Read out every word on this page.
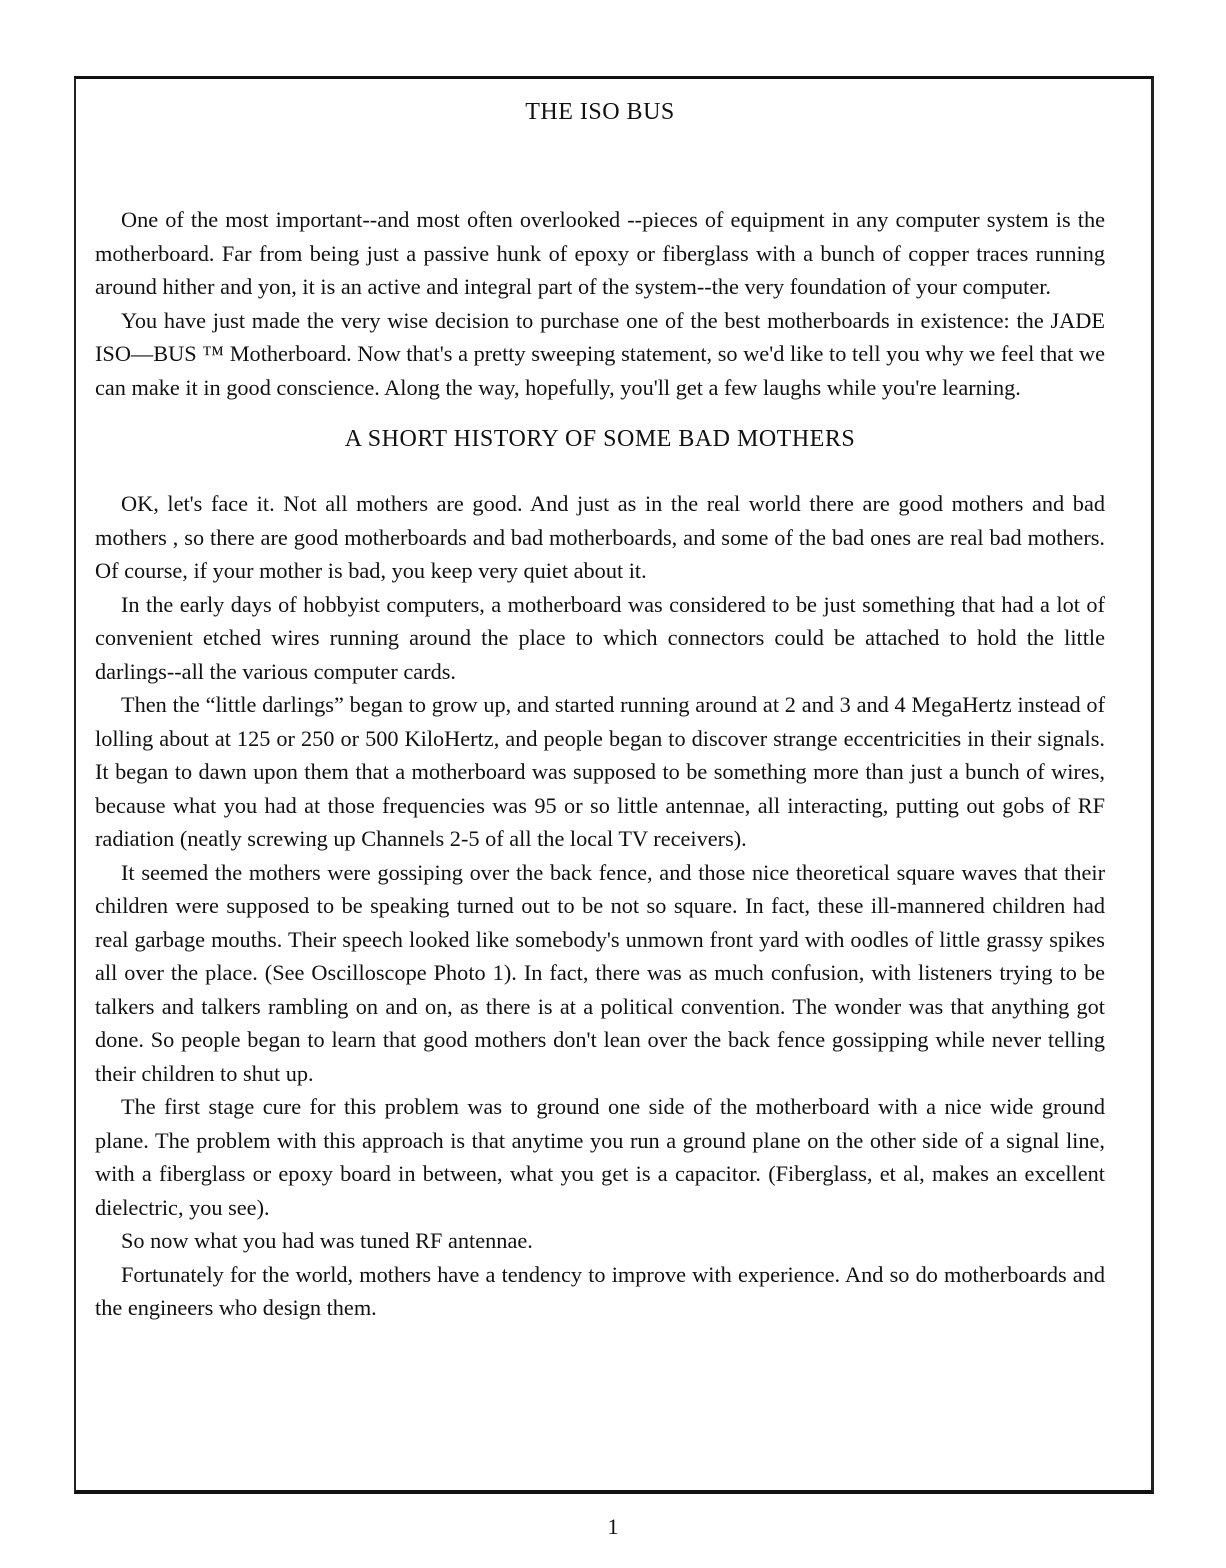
THE ISO BUS

One of the most important--and most often overlooked --pieces of equipment in any computer system is the motherboard. Far from being just a passive hunk of epoxy or fiberglass with a bunch of copper traces running around hither and yon, it is an active and integral part of the system--the very foundation of your computer.

You have just made the very wise decision to purchase one of the best motherboards in existence: the JADE ISO—BUS ™ Motherboard. Now that's a pretty sweeping statement, so we'd like to tell you why we feel that we can make it in good conscience. Along the way, hopefully, you'll get a few laughs while you're learning.

A SHORT HISTORY OF SOME BAD MOTHERS

OK, let's face it. Not all mothers are good. And just as in the real world there are good mothers and bad mothers , so there are good motherboards and bad motherboards, and some of the bad ones are real bad mothers. Of course, if your mother is bad, you keep very quiet about it.

In the early days of hobbyist computers, a motherboard was considered to be just something that had a lot of convenient etched wires running around the place to which connectors could be attached to hold the little darlings--all the various computer cards.

Then the “little darlings” began to grow up, and started running around at 2 and 3 and 4 MegaHertz instead of lolling about at 125 or 250 or 500 KiloHertz, and people began to discover strange eccentricities in their signals. It began to dawn upon them that a motherboard was supposed to be something more than just a bunch of wires, because what you had at those frequencies was 95 or so little antennae, all interacting, putting out gobs of RF radiation (neatly screwing up Channels 2-5 of all the local TV receivers).

It seemed the mothers were gossiping over the back fence, and those nice theoretical square waves that their children were supposed to be speaking turned out to be not so square. In fact, these ill-mannered children had real garbage mouths. Their speech looked like somebody's unmown front yard with oodles of little grassy spikes all over the place. (See Oscilloscope Photo 1). In fact, there was as much confusion, with listeners trying to be talkers and talkers rambling on and on, as there is at a political convention. The wonder was that anything got done. So people began to learn that good mothers don't lean over the back fence gossipping while never telling their children to shut up.

The first stage cure for this problem was to ground one side of the motherboard with a nice wide ground plane. The problem with this approach is that anytime you run a ground plane on the other side of a signal line, with a fiberglass or epoxy board in between, what you get is a capacitor. (Fiberglass, et al, makes an excellent dielectric, you see).

So now what you had was tuned RF antennae.

Fortunately for the world, mothers have a tendency to improve with experience. And so do motherboards and the engineers who design them.

1
